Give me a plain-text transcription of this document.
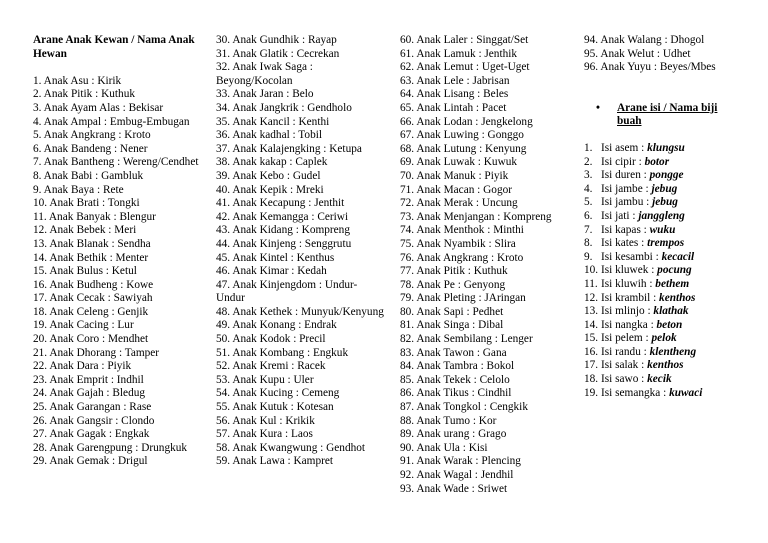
Arane Anak Kewan / Nama Anak Hewan
1. Anak Asu : Kirik
2. Anak Pitik : Kuthuk
3. Anak Ayam Alas : Bekisar
4. Anak Ampal : Embug-Embugan
5. Anak Angkrang : Kroto
6. Anak Bandeng : Nener
7. Anak Bantheng : Wereng/Cendhet
8. Anak Babi : Gambluk
9. Anak Baya : Rete
10. Anak Brati : Tongki
11. Anak Banyak : Blengur
12. Anak Bebek : Meri
13. Anak Blanak : Sendha
14. Anak Bethik : Menter
15. Anak Bulus : Ketul
16. Anak Budheng : Kowe
17. Anak Cecak : Sawiyah
18. Anak Celeng : Genjik
19. Anak Cacing : Lur
20. Anak Coro : Mendhet
21. Anak Dhorang : Tamper
22. Anak Dara : Piyik
23. Anak Emprit : Indhil
24. Anak Gajah : Bledug
25. Anak Garangan : Rase
26. Anak Gangsir : Clondo
27. Anak Gagak : Engkak
28. Anak Garengpung : Drungkuk
29. Anak Gemak : Drigul
30. Anak Gundhik : Rayap
31. Anak Glatik : Cecrekan
32. Anak Iwak Saga : Beyong/Kocolan
33. Anak Jaran : Belo
34. Anak Jangkrik : Gendholo
35. Anak Kancil : Kenthi
36. Anak kadhal : Tobil
37. Anak Kalajengking : Ketupa
38. Anak kakap : Caplek
39. Anak Kebo : Gudel
40. Anak Kepik : Mreki
41. Anak Kecapung : Jenthit
42. Anak Kemangga : Ceriwi
43. Anak Kidang : Kompreng
44. Anak Kinjeng : Senggrutu
45. Anak Kintel : Kenthus
46. Anak Kimar : Kedah
47. Anak Kinjengdom : Undur-Undur
48. Anak Kethek : Munyuk/Kenyung
49. Anak Konang : Endrak
50. Anak Kodok : Precil
51. Anak Kombang : Engkuk
52. Anak Kremi : Racek
53. Anak Kupu : Uler
54. Anak Kucing : Cemeng
55. Anak Kutuk : Kotesan
56. Anak Kul : Krikik
57. Anak Kura : Laos
58. Anak Kwangwung : Gendhot
59. Anak Lawa : Kampret
60. Anak Laler : Singgat/Set
61. Anak Lamuk : Jenthik
62. Anak Lemut : Uget-Uget
63. Anak Lele : Jabrisan
64. Anak Lisang : Beles
65. Anak Lintah : Pacet
66. Anak Lodan : Jengkelong
67. Anak Luwing : Gonggo
68. Anak Lutung : Kenyung
69. Anak Luwak : Kuwuk
70. Anak Manuk : Piyik
71. Anak Macan : Gogor
72. Anak Merak : Uncung
73. Anak Menjangan : Kompreng
74. Anak Menthok : Minthi
75. Anak Nyambik : Slira
76. Anak Angkrang : Kroto
77. Anak Pitik : Kuthuk
78. Anak Pe : Genyong
79. Anak Pleting : JAringan
80. Anak Sapi : Pedhet
81. Anak Singa : Dibal
82. Anak Sembilang : Lenger
83. Anak Tawon : Gana
84. Anak Tambra : Bokol
85. Anak Tekek : Celolo
86. Anak Tikus : Cindhil
87. Anak Tongkol : Cengkik
88. Anak Tumo : Kor
89. Anak urang : Grago
90. Anak Ula : Kisi
91. Anak Warak : Plencing
92. Anak Wagal : Jendhil
93. Anak Wade : Sriwet
94. Anak Walang : Dhogol
95. Anak Welut : Udhet
96. Anak Yuyu : Beyes/Mbes
• Arane isi / Nama biji buah
1. Isi asem : klungsu
2. Isi cipir : botor
3. Isi duren : pongge
4. Isi jambe : jebug
5. Isi jambu : jebug
6. Isi jati : janggleng
7. Isi kapas : wuku
8. Isi kates : trempos
9. Isi kesambi : kecacil
10. Isi kluwek : pocung
11. Isi kluwih : bethem
12. Isi krambil : kenthos
13. Isi mlinjo : klathak
14. Isi nangka : beton
15. Isi pelem : pelok
16. Isi randu : klentheng
17. Isi salak : kenthos
18. Isi sawo : kecik
19. Isi semangka : kuwaci
